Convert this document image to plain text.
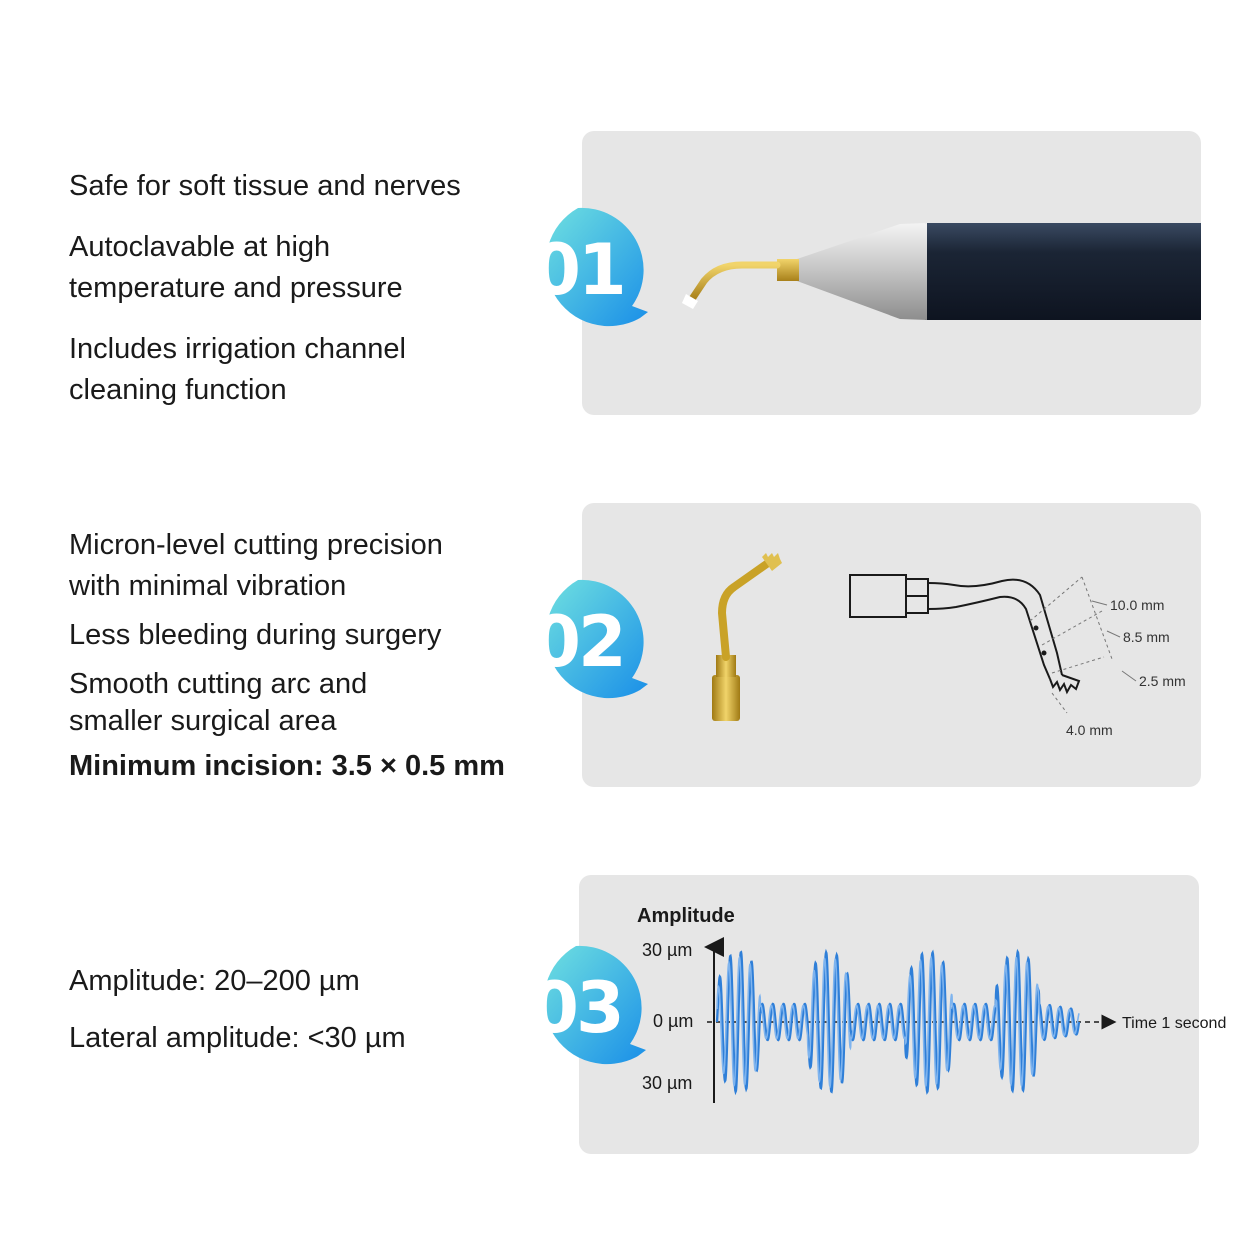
Safe for soft tissue and nerves
Autoclavable at high
temperature and pressure
Includes irrigation channel
cleaning function
01
Micron-level cutting precision
with minimal vibration
Less bleeding during surgery
Smooth cutting arc and
smaller surgical area
Minimum incision: 3.5 × 0.5 mm
10.0 mm
8.5 mm
2.5 mm
4.0 mm
02
Amplitude: 20–200 µm
Lateral amplitude: <30 µm
Amplitude
30 µm
0 µm
30 µm
Time 1 second
03
